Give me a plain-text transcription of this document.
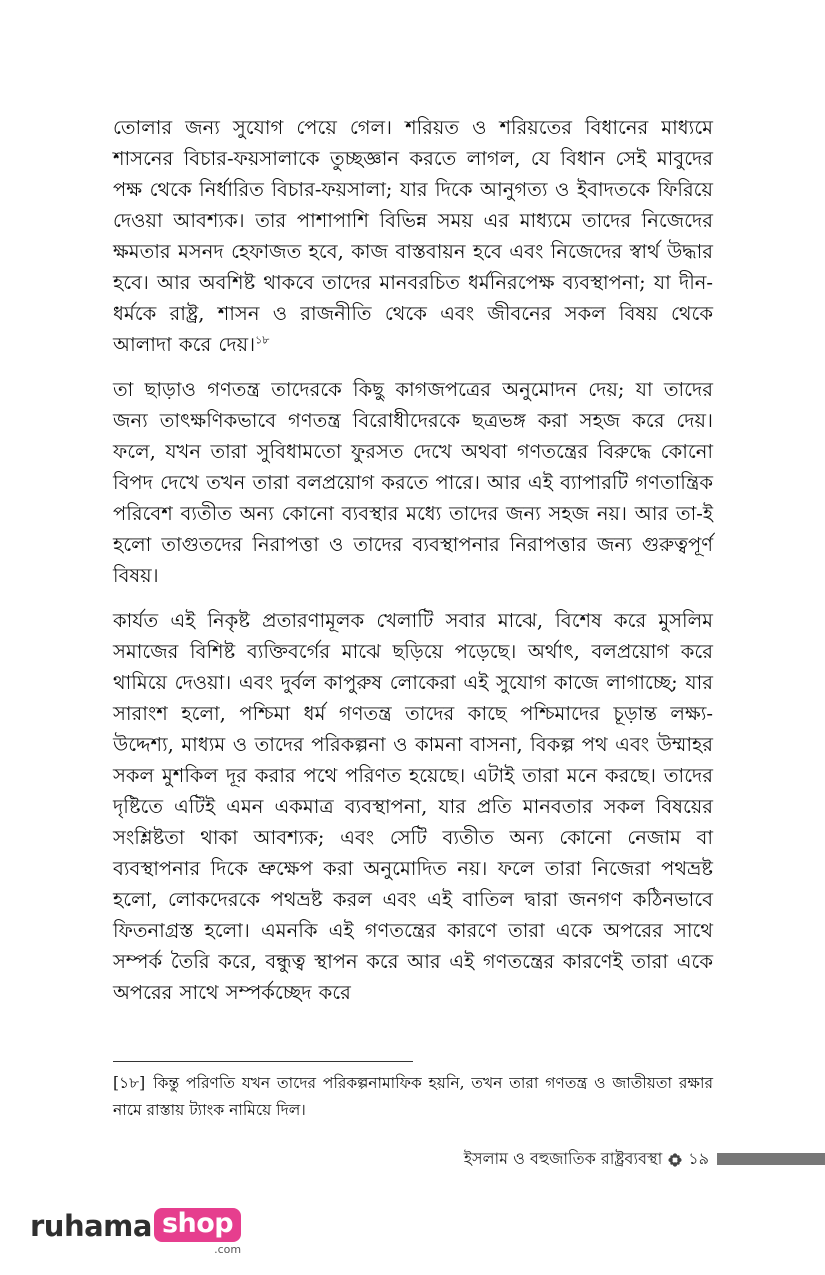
তোলার জন্য সুযোগ পেয়ে গেল। শরিয়ত ও শরিয়তের বিধানের মাধ্যমে শাসনের বিচার-ফয়সালাকে তুচ্ছজ্ঞান করতে লাগল, যে বিধান সেই মাবুদের পক্ষ থেকে নির্ধারিত বিচার-ফয়সালা; যার দিকে আনুগত্য ও ইবাদতকে ফিরিয়ে দেওয়া আবশ্যক। তার পাশাপাশি বিভিন্ন সময় এর মাধ্যমে তাদের নিজেদের ক্ষমতার মসনদ হেফাজত হবে, কাজ বাস্তবায়ন হবে এবং নিজেদের স্বার্থ উদ্ধার হবে। আর অবশিষ্ট থাকবে তাদের মানবরচিত ধর্মনিরপেক্ষ ব্যবস্থাপনা; যা দীন-ধর্মকে রাষ্ট্র, শাসন ও রাজনীতি থেকে এবং জীবনের সকল বিষয় থেকে আলাদা করে দেয়।$^{১৮}$

তা ছাড়াও গণতন্ত্র তাদেরকে কিছু কাগজপত্রের অনুমোদন দেয়; যা তাদের জন্য তাৎক্ষণিকভাবে গণতন্ত্র বিরোধীদেরকে ছত্রভঙ্গ করা সহজ করে দেয়। ফলে, যখন তারা সুবিধামতো ফুরসত দেখে অথবা গণতন্ত্রের বিরুদ্ধে কোনো বিপদ দেখে তখন তারা বলপ্রয়োগ করতে পারে। আর এই ব্যাপারটি গণতান্ত্রিক পরিবেশ ব্যতীত অন্য কোনো ব্যবস্থার মধ্যে তাদের জন্য সহজ নয়। আর তা-ই হলো তাগুতদের নিরাপত্তা ও তাদের ব্যবস্থাপনার নিরাপত্তার জন্য গুরুত্বপূর্ণ বিষয়।

কার্যত এই নিকৃষ্ট প্রতারণামূলক খেলাটি সবার মাঝে, বিশেষ করে মুসলিম সমাজের বিশিষ্ট ব্যক্তিবর্গের মাঝে ছড়িয়ে পড়েছে। অর্থাৎ, বলপ্রয়োগ করে থামিয়ে দেওয়া। এবং দুর্বল কাপুরুষ লোকেরা এই সুযোগ কাজে লাগাচ্ছে; যার সারাংশ হলো, পশ্চিমা ধর্ম গণতন্ত্র তাদের কাছে পশ্চিমাদের চূড়ান্ত লক্ষ্য-উদ্দেশ্য, মাধ্যম ও তাদের পরিকল্পনা ও কামনা বাসনা, বিকল্প পথ এবং উম্মাহর সকল মুশকিল দূর করার পথে পরিণত হয়েছে। এটাই তারা মনে করছে। তাদের দৃষ্টিতে এটিই এমন একমাত্র ব্যবস্থাপনা, যার প্রতি মানবতার সকল বিষয়ের সংশ্লিষ্টতা থাকা আবশ্যক; এবং সেটি ব্যতীত অন্য কোনো নেজাম বা ব্যবস্থাপনার দিকে ভ্রুক্ষেপ করা অনুমোদিত নয়। ফলে তারা নিজেরা পথভ্রষ্ট হলো, লোকদেরকে পথভ্রষ্ট করল এবং এই বাতিল দ্বারা জনগণ কঠিনভাবে ফিতনাগ্রস্ত হলো। এমনকি এই গণতন্ত্রের কারণে তারা একে অপরের সাথে সম্পর্ক তৈরি করে, বন্ধুত্ব স্থাপন করে আর এই গণতন্ত্রের কারণেই তারা একে অপরের সাথে সম্পর্কচ্ছেদ করে

[১৮] কিন্তু পরিণতি যখন তাদের পরিকল্পনামাফিক হয়নি, তখন তারা গণতন্ত্র ও জাতীয়তা রক্ষার নামে রাস্তায় ট্যাংক নামিয়ে দিল।
ইসলাম ও বহুজাতিক রাষ্ট্রব্যবস্থা ১৯
ruhama shop
.com
